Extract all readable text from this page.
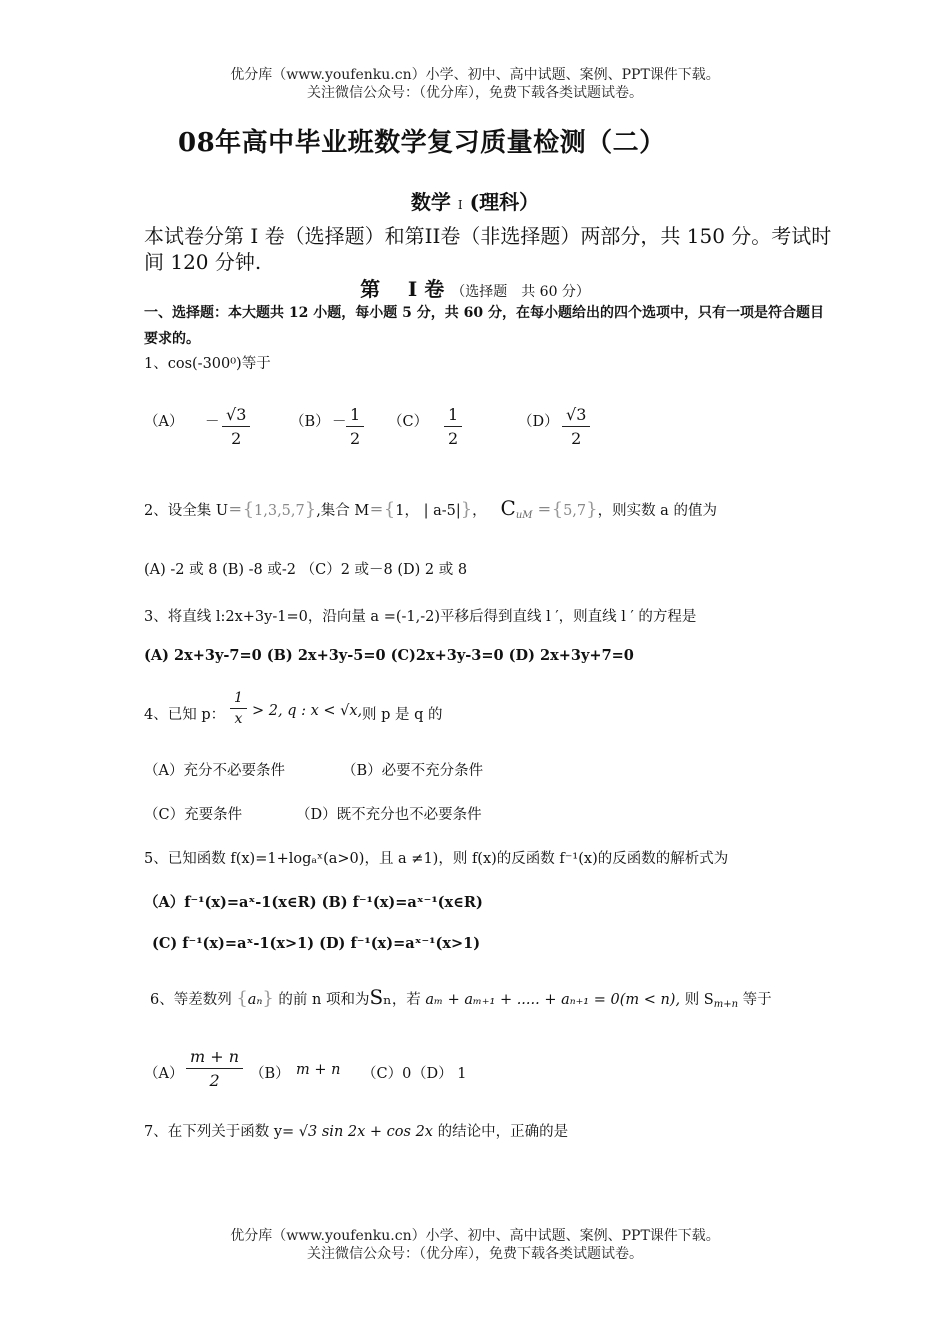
优分库（www.youfenku.cn）小学、初中、高中试题、案例、PPT课件下载。
关注微信公众号：（优分库），免费下载各类试题试卷。
08年高中毕业班数学复习质量检测（二）
数学 I (理科）
本试卷分第 I 卷（选择题）和第II卷（非选择题）两部分，共 150 分。考试时间 120 分钟.
第 I 卷 （选择题　共 60 分）
一、选择题：本大题共 12 小题，每小题 5 分，共 60 分，在每小题给出的四个选项中，只有一项是符合题目要求的。
1、cos(-300⁰)等于
$(A) - \frac{√3}{2}$	$(B) - \frac{1}{2} (C) \frac{1}{2}$	$(D) \frac{√3}{2}$
2、设全集 U＝{1,3,5,7},集合 M＝{1， | a-5|}，   $C_{uM} =\{5,7\}$，则实数 a 的值为
(A) -2 或 8 (B) -8 或-2 （C）2 或－8 (D) 2 或 8
3、将直线 l:2x+3y-1=0，沿向量 a =(-1,-2)平移后得到直线 l ′，则直线 l ′ 的方程是
(A) 2x+3y-7=0 (B) 2x+3y-5=0 (C)2x+3y-3=0 (D) 2x+3y+7=0
4、已知 p： $\frac{1}{x} > 2$, q : x < √x, 则 p 是 q 的
（A）充分不必要条件	（B）必要不充分条件
（C）充要条件	（D）既不充分也不必要条件
5、已知函数 f(x)=1+logₐˣ(a>0)，且 a ≠1)，则 f(x)的反函数 f⁻¹(x)的反函数的解析式为
（A）f⁻¹(x)=aˣ-1(x∈R) (B) f⁻¹(x)=aˣ⁻¹(x∈R)
(C) f⁻¹(x)=aˣ-1(x>1) (D) f⁻¹(x)=aˣ⁻¹(x>1)
6、等差数列 {aₙ} 的前 n 项和为Sₙ，若 aₘ + aₘ₊₁ + ..... + aₙ₊₁ = 0(m < n), 则 $S_{m+n}$ 等于
$(A) \frac{m + n}{2} (B) m + n$ （C）0 （D） 1
7、在下列关于函数 y= √3 sin 2x + cos 2x 的结论中，正确的是
优分库（www.youfenku.cn）小学、初中、高中试题、案例、PPT课件下载。
关注微信公众号：（优分库），免费下载各类试题试卷。
